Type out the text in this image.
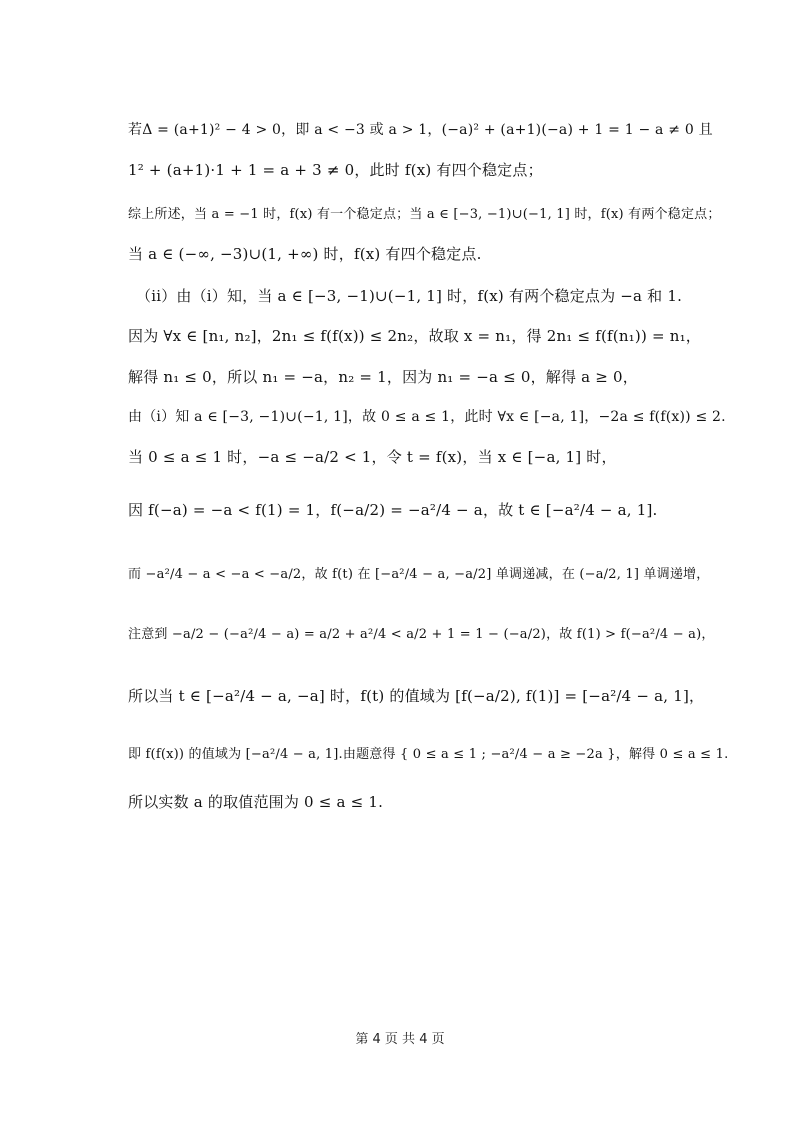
若Δ = (a+1)² − 4 > 0，即 a < −3 或 a > 1，(−a)² + (a+1)(−a) + 1 = 1 − a ≠ 0 且
1² + (a+1)·1 + 1 = a + 3 ≠ 0，此时 f(x) 有四个稳定点；
综上所述，当 a = −1 时，f(x) 有一个稳定点；当 a ∈ [−3, −1)∪(−1, 1] 时，f(x) 有两个稳定点；
当 a ∈ (−∞, −3)∪(1, +∞) 时，f(x) 有四个稳定点.
（ii）由（i）知，当 a ∈ [−3, −1)∪(−1, 1] 时，f(x) 有两个稳定点为 −a 和 1.
因为 ∀x ∈ [n₁, n₂]，2n₁ ≤ f(f(x)) ≤ 2n₂，故取 x = n₁，得 2n₁ ≤ f(f(n₁)) = n₁，
解得 n₁ ≤ 0，所以 n₁ = −a，n₂ = 1，因为 n₁ = −a ≤ 0，解得 a ≥ 0，
由（i）知 a ∈ [−3, −1)∪(−1, 1]，故 0 ≤ a ≤ 1，此时 ∀x ∈ [−a, 1]，−2a ≤ f(f(x)) ≤ 2.
当 0 ≤ a ≤ 1 时，−a ≤ −a/2 < 1，令 t = f(x)，当 x ∈ [−a, 1] 时，
因 f(−a) = −a < f(1) = 1，f(−a/2) = −a²/4 − a，故 t ∈ [−a²/4 − a, 1].
而 −a²/4 − a < −a < −a/2，故 f(t) 在 [−a²/4 − a, −a/2] 单调递减，在 (−a/2, 1] 单调递增，
注意到 −a/2 − (−a²/4 − a) = a/2 + a²/4 < a/2 + 1 = 1 − (−a/2)，故 f(1) > f(−a²/4 − a)，
所以当 t ∈ [−a²/4 − a, −a] 时，f(t) 的值域为 [f(−a/2), f(1)] = [−a²/4 − a, 1]，
即 f(f(x)) 的值域为 [−a²/4 − a, 1].由题意得 { 0 ≤ a ≤ 1 ; −a²/4 − a ≥ −2a }，解得 0 ≤ a ≤ 1.
所以实数 a 的取值范围为 0 ≤ a ≤ 1.
第 4 页 共 4 页
